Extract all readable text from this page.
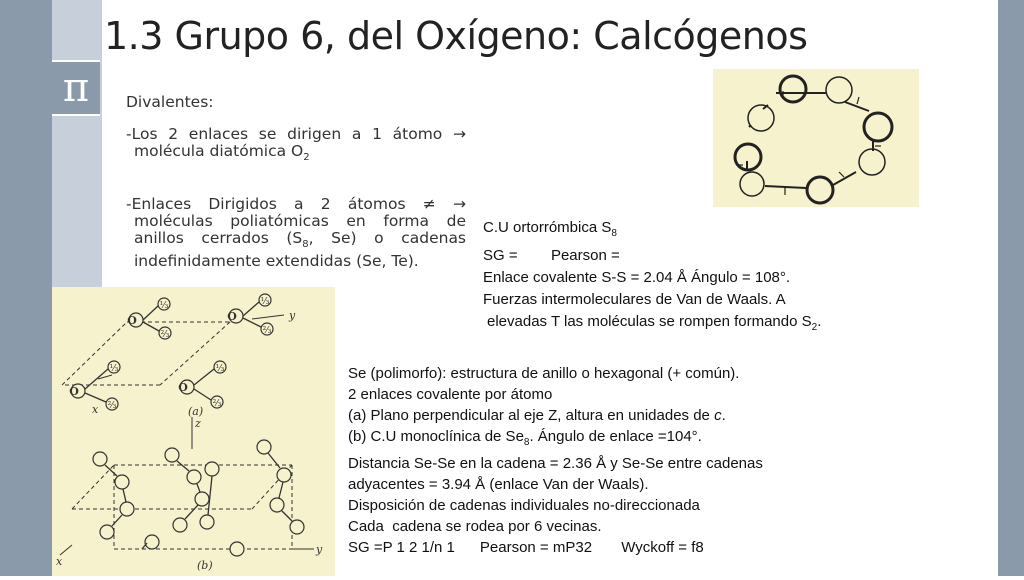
π
1.3 Grupo 6, del Oxígeno: Calcógenos

Divalentes:

-Los 2 enlaces se dirigen a 1 átomo →

molécula diatómica $O_2$

-Enlaces Dirigidos a 2 átomos ≠ →

moléculas poliatómicas en forma de

anillos cerrados ($S_8$, Se) o cadenas

indefinidamente extendidas (Se, Te).

C.U ortorrómbica $S_8$
SG =        Pearson =
Enlace covalente S-S = 2.04 Å Ángulo = 108°.
Fuerzas intermoleculares de Van de Waals. A
elevadas T las moléculas se rompen formando $S_2$.
O	O
O	O
⅓
⅔
⅓
⅔
⅓
⅔
⅓
⅔
y
x	(a)
z
x
y
(b)
Se (polimorfo): estructura de anillo o hexagonal (+ común).
2 enlaces covalente por átomo
(a) Plano perpendicular al eje Z, altura en unidades de c.
(b) C.U monoclínica de $Se_8$. Ángulo de enlace =104°.
Distancia Se-Se en la cadena = 2.36 Å y Se-Se entre cadenas
adyacentes = 3.94 Å (enlace Van der Waals).
Disposición de cadenas individuales no-direccionada
Cada  cadena se rodea por 6 vecinas.
SG =P 1 2 1/n 1      Pearson = mP32       Wyckoff = f8
